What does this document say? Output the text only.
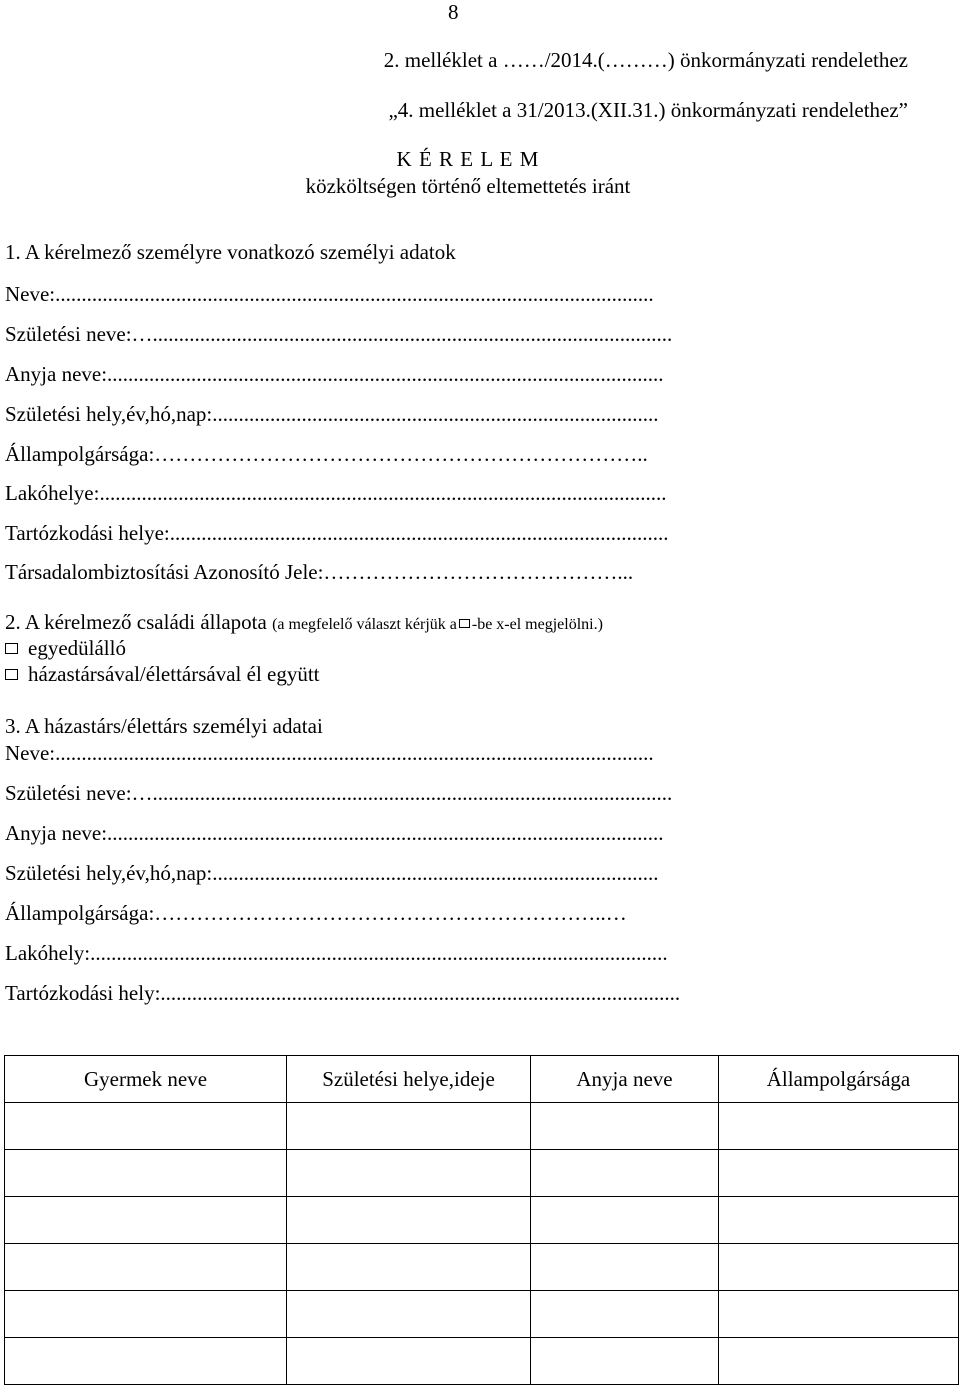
8
2. melléklet a ……/2014.(………) önkormányzati rendelethez
„4. melléklet a 31/2013.(XII.31.) önkormányzati rendelethez”
K É R E L E M
közköltségen történő eltemettetés iránt
1. A kérelmező személyre vonatkozó személyi adatok
Neve:..................................................................................................................
Születési neve:…...................................................................................................
Anyja neve:..........................................................................................................
Születési hely,év,hó,nap:.....................................................................................
Állampolgársága:……………………………………………………………..
Lakóhelye:............................................................................................................
Tartózkodási helye:...............................................................................................
Társadalombiztosítási Azonosító Jele:……………………………………...
2. A kérelmező családi állapota (a megfelelő választ kérjük a -be x-el megjelölni.)
egyedülálló
házastársával/élettársával él együtt
3. A házastárs/élettárs személyi adatai
Neve:..................................................................................................................
Születési neve:…...................................................................................................
Anyja neve:..........................................................................................................
Születési hely,év,hó,nap:.....................................................................................
Állampolgársága:………………………………………………………..…
Lakóhely:..............................................................................................................
Tartózkodási hely:...................................................................................................
Gyermek neve	Születési helye,ideje	Anyja neve	Állampolgársága
